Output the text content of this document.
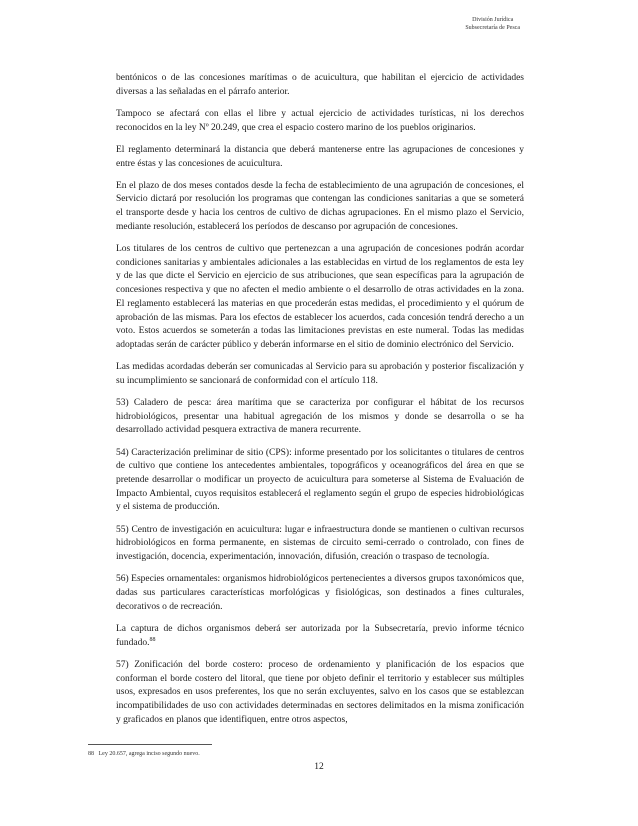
División Jurídica
Subsecretaría de Pesca

bentónicos o de las concesiones marítimas o de acuicultura, que habilitan el ejercicio de actividades diversas a las señaladas en el párrafo anterior.

Tampoco se afectará con ellas el libre y actual ejercicio de actividades turísticas, ni los derechos reconocidos en la ley Nº 20.249, que crea el espacio costero marino de los pueblos originarios.

El reglamento determinará la distancia que deberá mantenerse entre las agrupaciones de concesiones y entre éstas y las concesiones de acuicultura.

En el plazo de dos meses contados desde la fecha de establecimiento de una agrupación de concesiones, el Servicio dictará por resolución los programas que contengan las condiciones sanitarias a que se someterá el transporte desde y hacia los centros de cultivo de dichas agrupaciones. En el mismo plazo el Servicio, mediante resolución, establecerá los períodos de descanso por agrupación de concesiones.

Los titulares de los centros de cultivo que pertenezcan a una agrupación de concesiones podrán acordar condiciones sanitarias y ambientales adicionales a las establecidas en virtud de los reglamentos de esta ley y de las que dicte el Servicio en ejercicio de sus atribuciones, que sean específicas para la agrupación de concesiones respectiva y que no afecten el medio ambiente o el desarrollo de otras actividades en la zona. El reglamento establecerá las materias en que procederán estas medidas, el procedimiento y el quórum de aprobación de las mismas. Para los efectos de establecer los acuerdos, cada concesión tendrá derecho a un voto. Estos acuerdos se someterán a todas las limitaciones previstas en este numeral. Todas las medidas adoptadas serán de carácter público y deberán informarse en el sitio de dominio electrónico del Servicio.

Las medidas acordadas deberán ser comunicadas al Servicio para su aprobación y posterior fiscalización y su incumplimiento se sancionará de conformidad con el artículo 118.

53) Caladero de pesca: área marítima que se caracteriza por configurar el hábitat de los recursos hidrobiológicos, presentar una habitual agregación de los mismos y donde se desarrolla o se ha desarrollado actividad pesquera extractiva de manera recurrente.

54) Caracterización preliminar de sitio (CPS): informe presentado por los solicitantes o titulares de centros de cultivo que contiene los antecedentes ambientales, topográficos y oceanográficos del área en que se pretende desarrollar o modificar un proyecto de acuicultura para someterse al Sistema de Evaluación de Impacto Ambiental, cuyos requisitos establecerá el reglamento según el grupo de especies hidrobiológicas y el sistema de producción.

55) Centro de investigación en acuicultura: lugar e infraestructura donde se mantienen o cultivan recursos hidrobiológicos en forma permanente, en sistemas de circuito semi-cerrado o controlado, con fines de investigación, docencia, experimentación, innovación, difusión, creación o traspaso de tecnología.

56) Especies ornamentales: organismos hidrobiológicos pertenecientes a diversos grupos taxonómicos que, dadas sus particulares características morfológicas y fisiológicas, son destinados a fines culturales, decorativos o de recreación.

La captura de dichos organismos deberá ser autorizada por la Subsecretaría, previo informe técnico fundado.$^{88}$

57) Zonificación del borde costero: proceso de ordenamiento y planificación de los espacios que conforman el borde costero del litoral, que tiene por objeto definir el territorio y establecer sus múltiples usos, expresados en usos preferentes, los que no serán excluyentes, salvo en los casos que se establezcan incompatibilidades de uso con actividades determinadas en sectores delimitados en la misma zonificación y graficados en planos que identifiquen, entre otros aspectos,

88 Ley 20.657, agrega inciso segundo nuevo.
12
